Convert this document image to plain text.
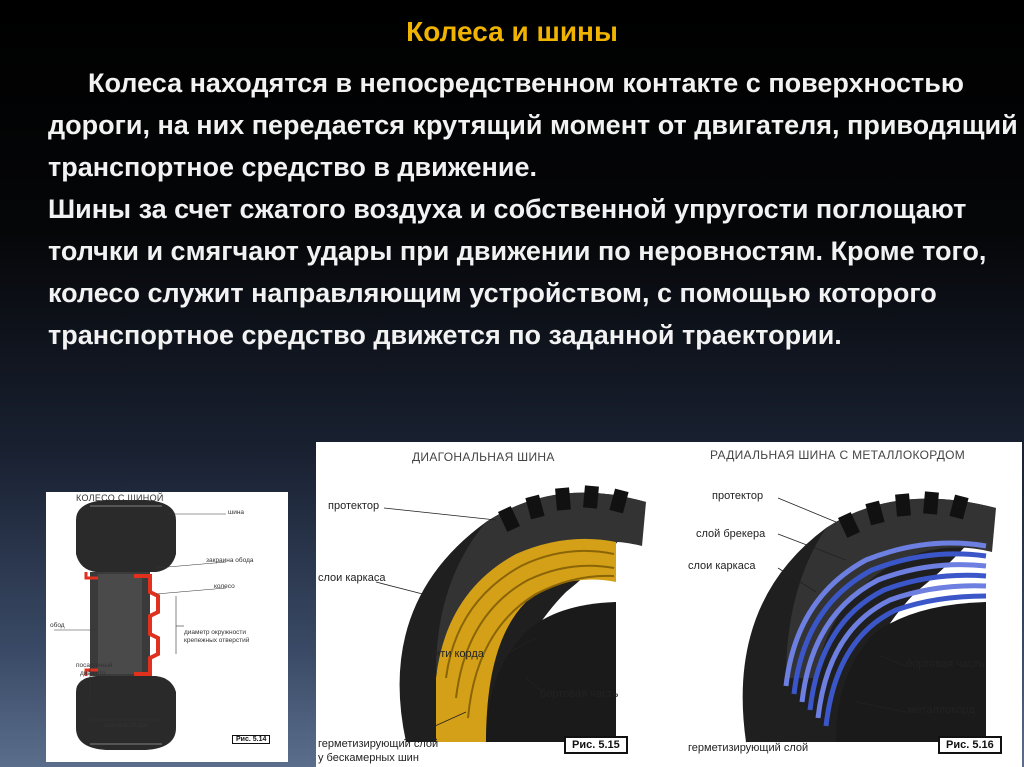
Колеса и шины

Колеса находятся в непосредственном контакте с поверхностью дороги, на них передается крутящий момент от двигателя, приводящий транспортное средство в движение.

Шины за счет сжатого воздуха и собственной упругости поглощают толчки и смягчают удары при движении по неровностям. Кроме того, колесо служит направляющим устройством, с помощью которого транспортное средство движется по заданной траектории.

КОЛЕСО С ШИНОЙ
шина
закраина обода
колесо
обод
диаметр окружности
крепежных отверстий
посадочный
диаметр
ширина обода
Рис. 5.14
ДИАГОНАЛЬНАЯ ШИНА	РАДИАЛЬНАЯ ШИНА С МЕТАЛЛОКОРДОМ
протектор
слои каркаса
нити корда
бортовая часть
герметизирующий слой
у бескамерных шин
протектор
слой брекера
слои каркаса
бортовая часть
металлокорд
герметизирующий слой
Рис. 5.15	Рис. 5.16
